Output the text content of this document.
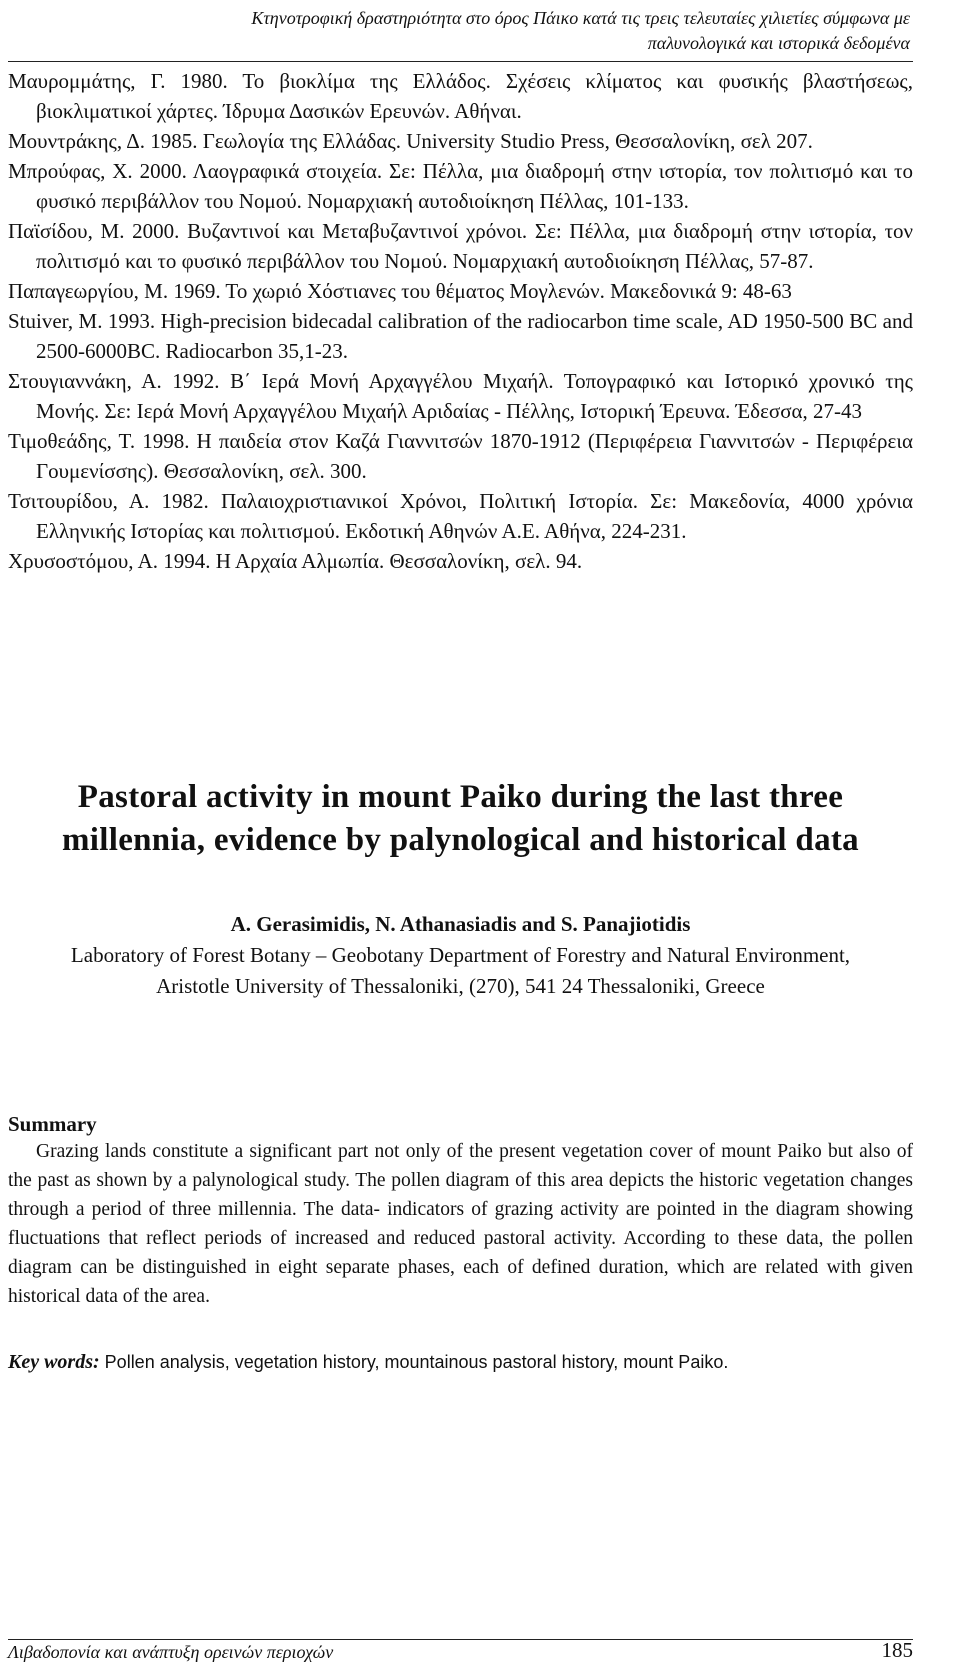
Κτηνοτροφική δραστηριότητα στο όρος Πάικο κατά τις τρεις τελευταίες χιλιετίες σύμφωνα με
παλυνολογικά και ιστορικά δεδομένα

Μαυρομμάτης, Γ. 1980. Το βιοκλίμα της Ελλάδος. Σχέσεις κλίματος και φυσικής βλαστήσεως, βιοκλιματικοί χάρτες. Ίδρυμα Δασικών Ερευνών. Αθήναι.

Μουντράκης, Δ. 1985. Γεωλογία της Ελλάδας. University Studio Press, Θεσσαλονίκη, σελ 207.

Μπρούφας, Χ. 2000. Λαογραφικά στοιχεία. Σε: Πέλλα, μια διαδρομή στην ιστορία, τον πολιτισμό και το φυσικό περιβάλλον του Νομού. Νομαρχιακή αυτοδιοίκηση Πέλλας, 101-133.

Παϊσίδου, Μ. 2000. Βυζαντινοί και Μεταβυζαντινοί χρόνοι. Σε: Πέλλα, μια διαδρομή στην ιστορία, τον πολιτισμό και το φυσικό περιβάλλον του Νομού. Νομαρχιακή αυτοδιοίκηση Πέλλας, 57-87.

Παπαγεωργίου, Μ. 1969. Το χωριό Χόστιανες του θέματος Μογλενών. Μακεδονικά 9: 48-63

Stuiver, M. 1993. High-precision bidecadal calibration of the radiocarbon time scale, AD 1950-500 BC and 2500-6000BC. Radiocarbon 35,1-23.

Στουγιαννάκη, Α. 1992. Β΄ Ιερά Μονή Αρχαγγέλου Μιχαήλ. Τοπογραφικό και Ιστορικό χρονικό της Μονής. Σε: Ιερά Μονή Αρχαγγέλου Μιχαήλ Αριδαίας - Πέλλης, Ιστορική Έρευνα. Έδεσσα, 27-43

Τιμοθεάδης, Τ. 1998. Η παιδεία στον Καζά Γιαννιτσών 1870-1912 (Περιφέρεια Γιαννιτσών - Περιφέρεια Γουμενίσσης). Θεσσαλονίκη, σελ. 300.

Τσιτουρίδου, Α. 1982. Παλαιοχριστιανικοί Χρόνοι, Πολιτική Ιστορία. Σε: Μακεδονία, 4000 χρόνια Ελληνικής Ιστορίας και πολιτισμού. Εκδοτική Αθηνών Α.Ε. Αθήνα, 224-231.

Χρυσοστόμου, Α. 1994. Η Αρχαία Αλμωπία. Θεσσαλονίκη, σελ. 94.

Pastoral activity in mount Paiko during the last three
millennia, evidence by palynological and historical data
A. Gerasimidis, N. Athanasiadis and S. Panajiotidis
Laboratory of Forest Botany – Geobotany Department of Forestry and Natural Environment,
Aristotle University of Thessaloniki, (270), 541 24 Thessaloniki, Greece
Summary

Grazing lands constitute a significant part not only of the present vegetation cover of mount Paiko but also of the past as shown by a palynological study. The pollen diagram of this area depicts the historic vegetation changes through a period of three millennia. The data- indicators of grazing activity are pointed in the diagram showing fluctuations that reflect periods of increased and reduced pastoral activity. According to these data, the pollen diagram can be distinguished in eight separate phases, each of defined duration, which are related with given historical data of the area.

Key words: Pollen analysis, vegetation history, mountainous pastoral history, mount Paiko.
Λιβαδοπονία και ανάπτυξη ορεινών περιοχών	185
